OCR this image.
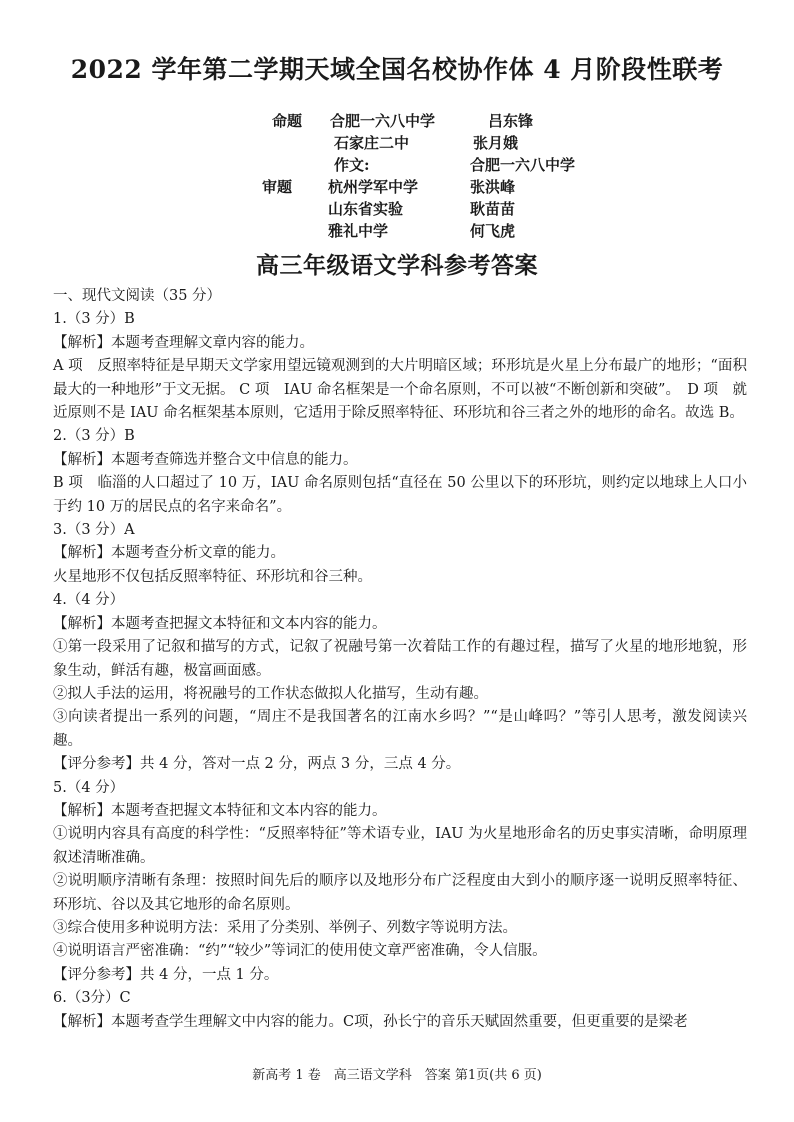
2022 学年第二学期天域全国名校协作体 4 月阶段性联考
命题 合肥一六八中学	吕东锋
石家庄二中	张月娥
作文:	合肥一六八中学
审题 杭州学军中学	张洪峰
山东省实验	耿苗苗
雅礼中学	何飞虎
高三年级语文学科参考答案
一、现代文阅读（35 分）
1.（3 分）B
【解析】本题考查理解文章内容的能力。
A 项　反照率特征是早期天文学家用望远镜观测到的大片明暗区域；环形坑是火星上分布最广的地形；“面积最大的一种地形”于文无据。 C 项　IAU 命名框架是一个命名原则，不可以被“不断创新和突破”。　D 项　就近原则不是 IAU 命名框架基本原则，它适用于除反照率特征、环形坑和谷三者之外的地形的命名。故选 B。
2.（3 分）B
【解析】本题考查筛选并整合文中信息的能力。
B 项　临淄的人口超过了 10 万，IAU 命名原则包括“直径在 50 公里以下的环形坑，则约定以地球上人口小于约 10 万的居民点的名字来命名”。
3.（3 分）A
【解析】本题考查分析文章的能力。
火星地形不仅包括反照率特征、环形坑和谷三种。
4.（4 分）
【解析】本题考查把握文本特征和文本内容的能力。
①第一段采用了记叙和描写的方式，记叙了祝融号第一次着陆工作的有趣过程，描写了火星的地形地貌，形象生动，鲜活有趣，极富画面感。
②拟人手法的运用，将祝融号的工作状态做拟人化描写，生动有趣。
③向读者提出一系列的问题，“周庄不是我国著名的江南水乡吗？”“是山峰吗？”等引人思考，激发阅读兴趣。
【评分参考】共 4 分，答对一点 2 分，两点 3 分，三点 4 分。
5.（4 分）
【解析】本题考查把握文本特征和文本内容的能力。
①说明内容具有高度的科学性：“反照率特征”等术语专业，IAU 为火星地形命名的历史事实清晰，命明原理叙述清晰准确。
②说明顺序清晰有条理：按照时间先后的顺序以及地形分布广泛程度由大到小的顺序逐一说明反照率特征、环形坑、谷以及其它地形的命名原则。
③综合使用多种说明方法：采用了分类别、举例子、列数字等说明方法。
④说明语言严密准确：“约”“较少”等词汇的使用使文章严密准确，令人信服。
【评分参考】共 4 分，一点 1 分。
6.（3分）C
【解析】本题考查学生理解文中内容的能力。C项，孙长宁的音乐天赋固然重要，但更重要的是梁老
新高考 1 卷　高三语文学科　答案 第1页(共 6 页)
